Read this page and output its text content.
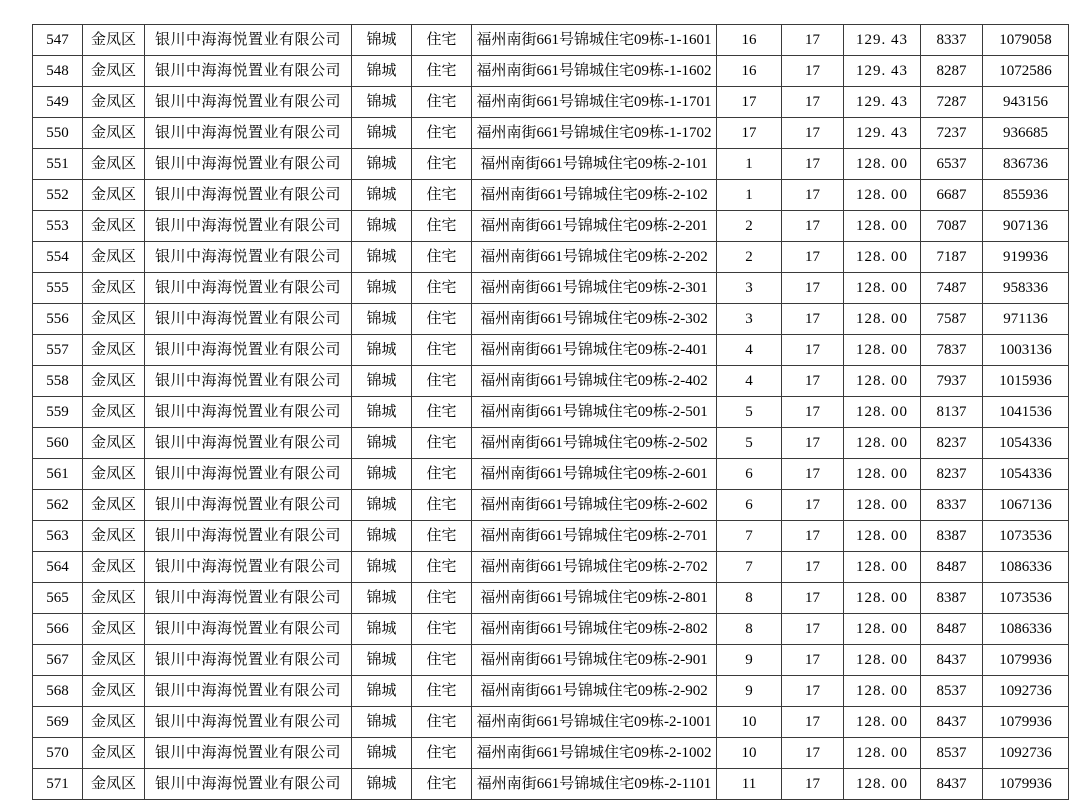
547	金凤区	银川中海海悦置业有限公司	锦城	住宅	福州南街661号锦城住宅09栋-1-1601	16	17	129. 43	8337	1079058
548	金凤区	银川中海海悦置业有限公司	锦城	住宅	福州南街661号锦城住宅09栋-1-1602	16	17	129. 43	8287	1072586
549	金凤区	银川中海海悦置业有限公司	锦城	住宅	福州南街661号锦城住宅09栋-1-1701	17	17	129. 43	7287	943156
550	金凤区	银川中海海悦置业有限公司	锦城	住宅	福州南街661号锦城住宅09栋-1-1702	17	17	129. 43	7237	936685
551	金凤区	银川中海海悦置业有限公司	锦城	住宅	福州南街661号锦城住宅09栋-2-101	1	17	128. 00	6537	836736
552	金凤区	银川中海海悦置业有限公司	锦城	住宅	福州南街661号锦城住宅09栋-2-102	1	17	128. 00	6687	855936
553	金凤区	银川中海海悦置业有限公司	锦城	住宅	福州南街661号锦城住宅09栋-2-201	2	17	128. 00	7087	907136
554	金凤区	银川中海海悦置业有限公司	锦城	住宅	福州南街661号锦城住宅09栋-2-202	2	17	128. 00	7187	919936
555	金凤区	银川中海海悦置业有限公司	锦城	住宅	福州南街661号锦城住宅09栋-2-301	3	17	128. 00	7487	958336
556	金凤区	银川中海海悦置业有限公司	锦城	住宅	福州南街661号锦城住宅09栋-2-302	3	17	128. 00	7587	971136
557	金凤区	银川中海海悦置业有限公司	锦城	住宅	福州南街661号锦城住宅09栋-2-401	4	17	128. 00	7837	1003136
558	金凤区	银川中海海悦置业有限公司	锦城	住宅	福州南街661号锦城住宅09栋-2-402	4	17	128. 00	7937	1015936
559	金凤区	银川中海海悦置业有限公司	锦城	住宅	福州南街661号锦城住宅09栋-2-501	5	17	128. 00	8137	1041536
560	金凤区	银川中海海悦置业有限公司	锦城	住宅	福州南街661号锦城住宅09栋-2-502	5	17	128. 00	8237	1054336
561	金凤区	银川中海海悦置业有限公司	锦城	住宅	福州南街661号锦城住宅09栋-2-601	6	17	128. 00	8237	1054336
562	金凤区	银川中海海悦置业有限公司	锦城	住宅	福州南街661号锦城住宅09栋-2-602	6	17	128. 00	8337	1067136
563	金凤区	银川中海海悦置业有限公司	锦城	住宅	福州南街661号锦城住宅09栋-2-701	7	17	128. 00	8387	1073536
564	金凤区	银川中海海悦置业有限公司	锦城	住宅	福州南街661号锦城住宅09栋-2-702	7	17	128. 00	8487	1086336
565	金凤区	银川中海海悦置业有限公司	锦城	住宅	福州南街661号锦城住宅09栋-2-801	8	17	128. 00	8387	1073536
566	金凤区	银川中海海悦置业有限公司	锦城	住宅	福州南街661号锦城住宅09栋-2-802	8	17	128. 00	8487	1086336
567	金凤区	银川中海海悦置业有限公司	锦城	住宅	福州南街661号锦城住宅09栋-2-901	9	17	128. 00	8437	1079936
568	金凤区	银川中海海悦置业有限公司	锦城	住宅	福州南街661号锦城住宅09栋-2-902	9	17	128. 00	8537	1092736
569	金凤区	银川中海海悦置业有限公司	锦城	住宅	福州南街661号锦城住宅09栋-2-1001	10	17	128. 00	8437	1079936
570	金凤区	银川中海海悦置业有限公司	锦城	住宅	福州南街661号锦城住宅09栋-2-1002	10	17	128. 00	8537	1092736
571	金凤区	银川中海海悦置业有限公司	锦城	住宅	福州南街661号锦城住宅09栋-2-1101	11	17	128. 00	8437	1079936
